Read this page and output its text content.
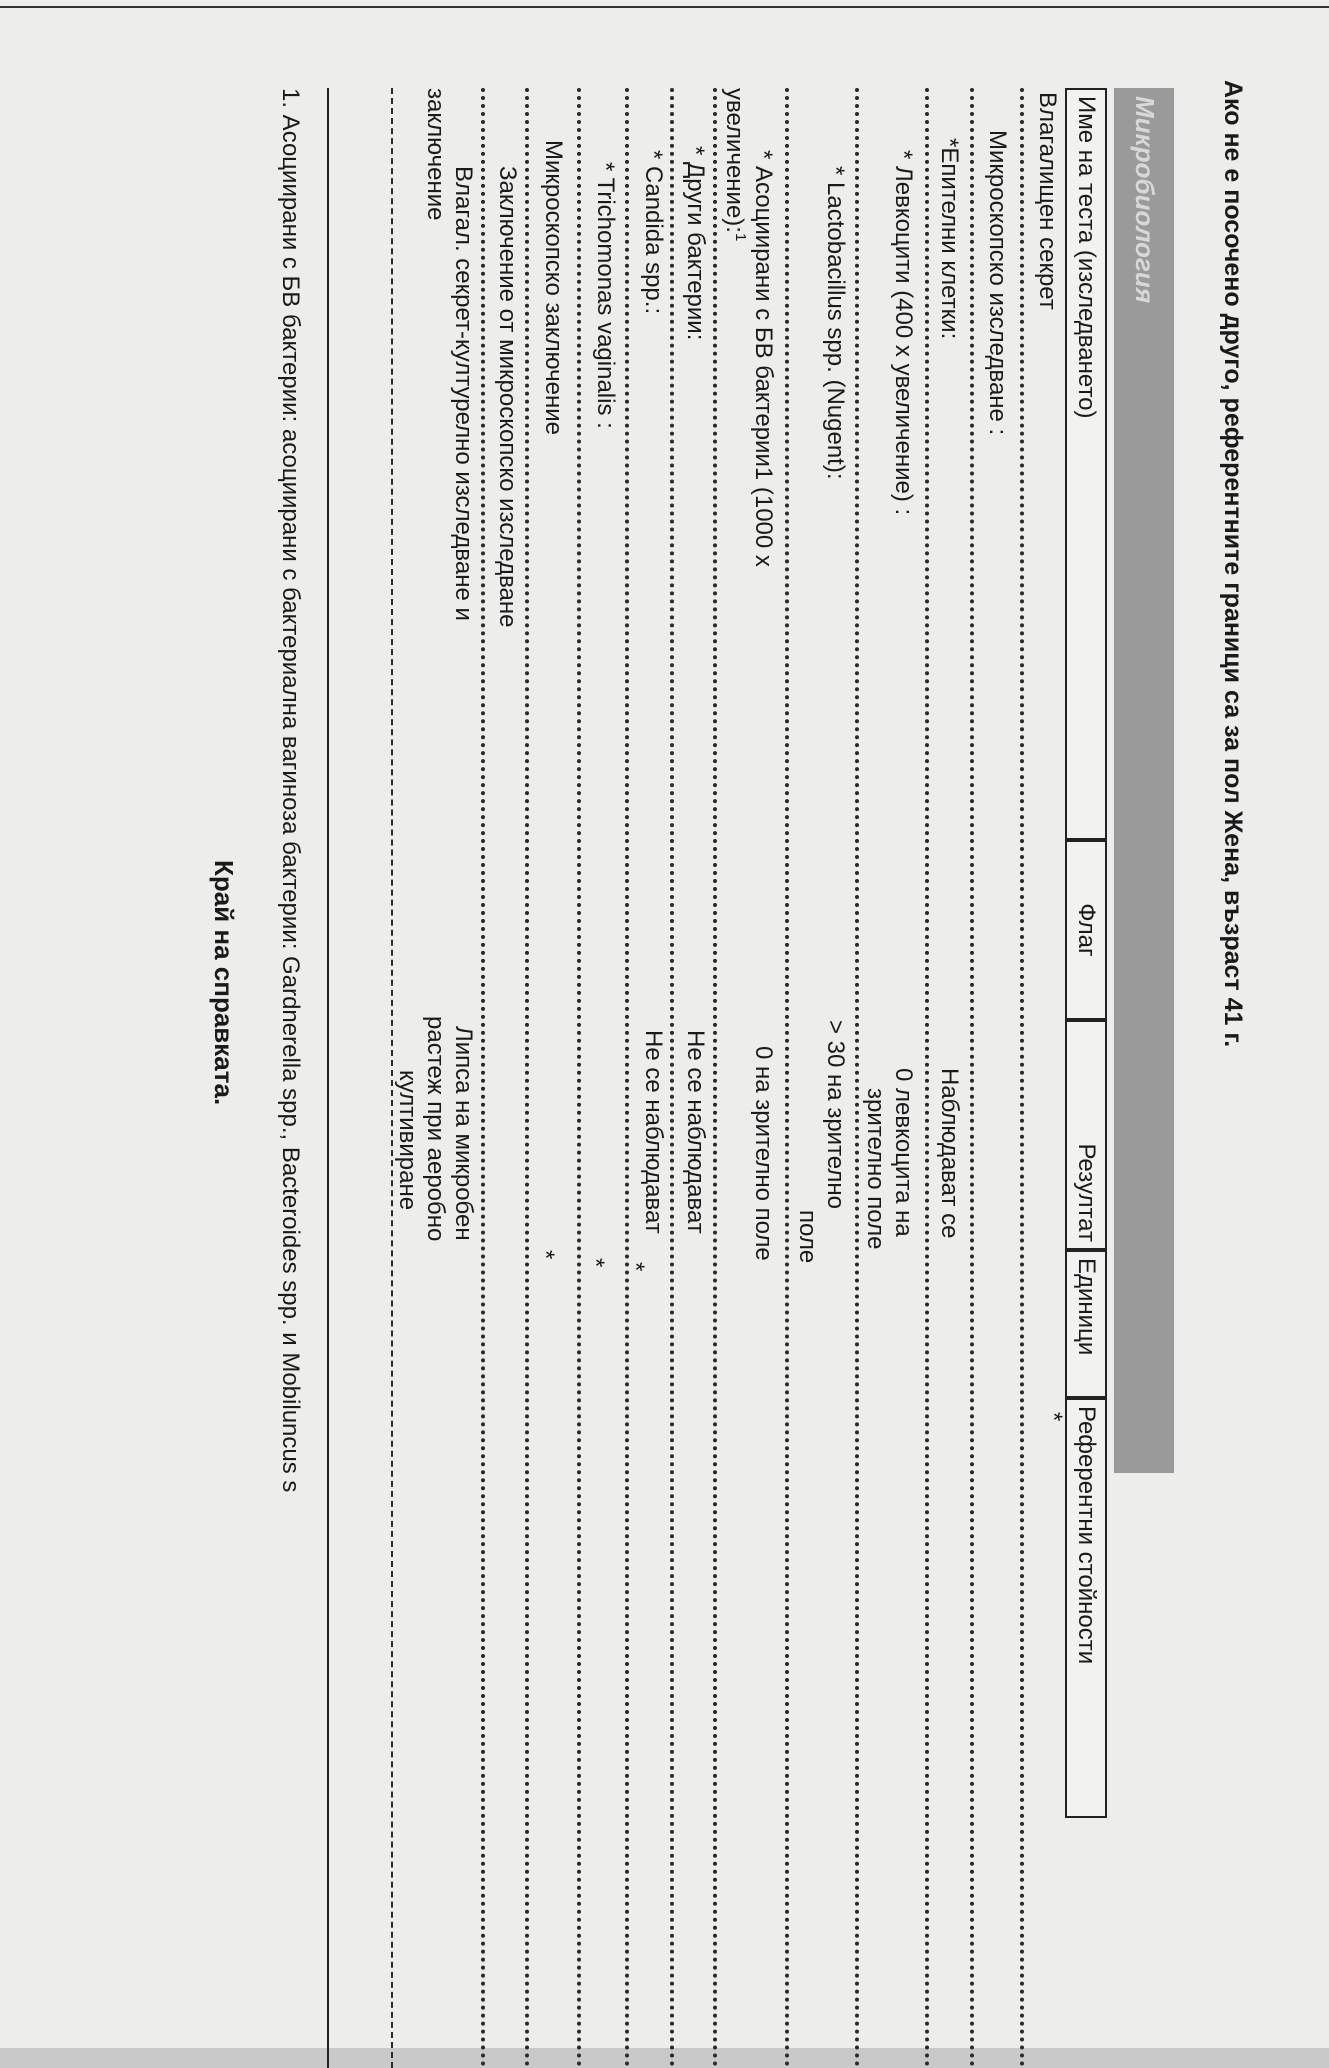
Ако не е посочено друго, референтните граници са за пол Жена, възраст 41 г.
Микробиология
Име на теста (изследването)
Флаг
Резултат
Единици
Референтни стойности
Влагалищен секрет
*
Микроскопско изследване :
*Епителни клетки:
Наблюдават се
* Левкоцити (400 x увеличение) :
0 левкоцита на
зрително поле
* Lactobacillus spp. (Nugent):
> 30 на зрително
поле
* Асоциирани с БВ бактерии1 (1000 x
увеличение):$^1$
0 на зрително поле
* Други бактерии:
Не се наблюдават
* Candida spp.:
Не се наблюдават
*
* Trichomonas vaginalis :
*
Микроскопско заключение
*
Заключение от микроскопско изследване
Влагал. секрет-културелно изследване и
заключение
Липса на микробен
растеж при аеробно
култивиране
1. Асоциирани с БВ бактерии: асоциирани с бактериална вагиноза бактерии: Gardnerella spp., Bacteroides spp. и Mobiluncus s
Край на справката.
